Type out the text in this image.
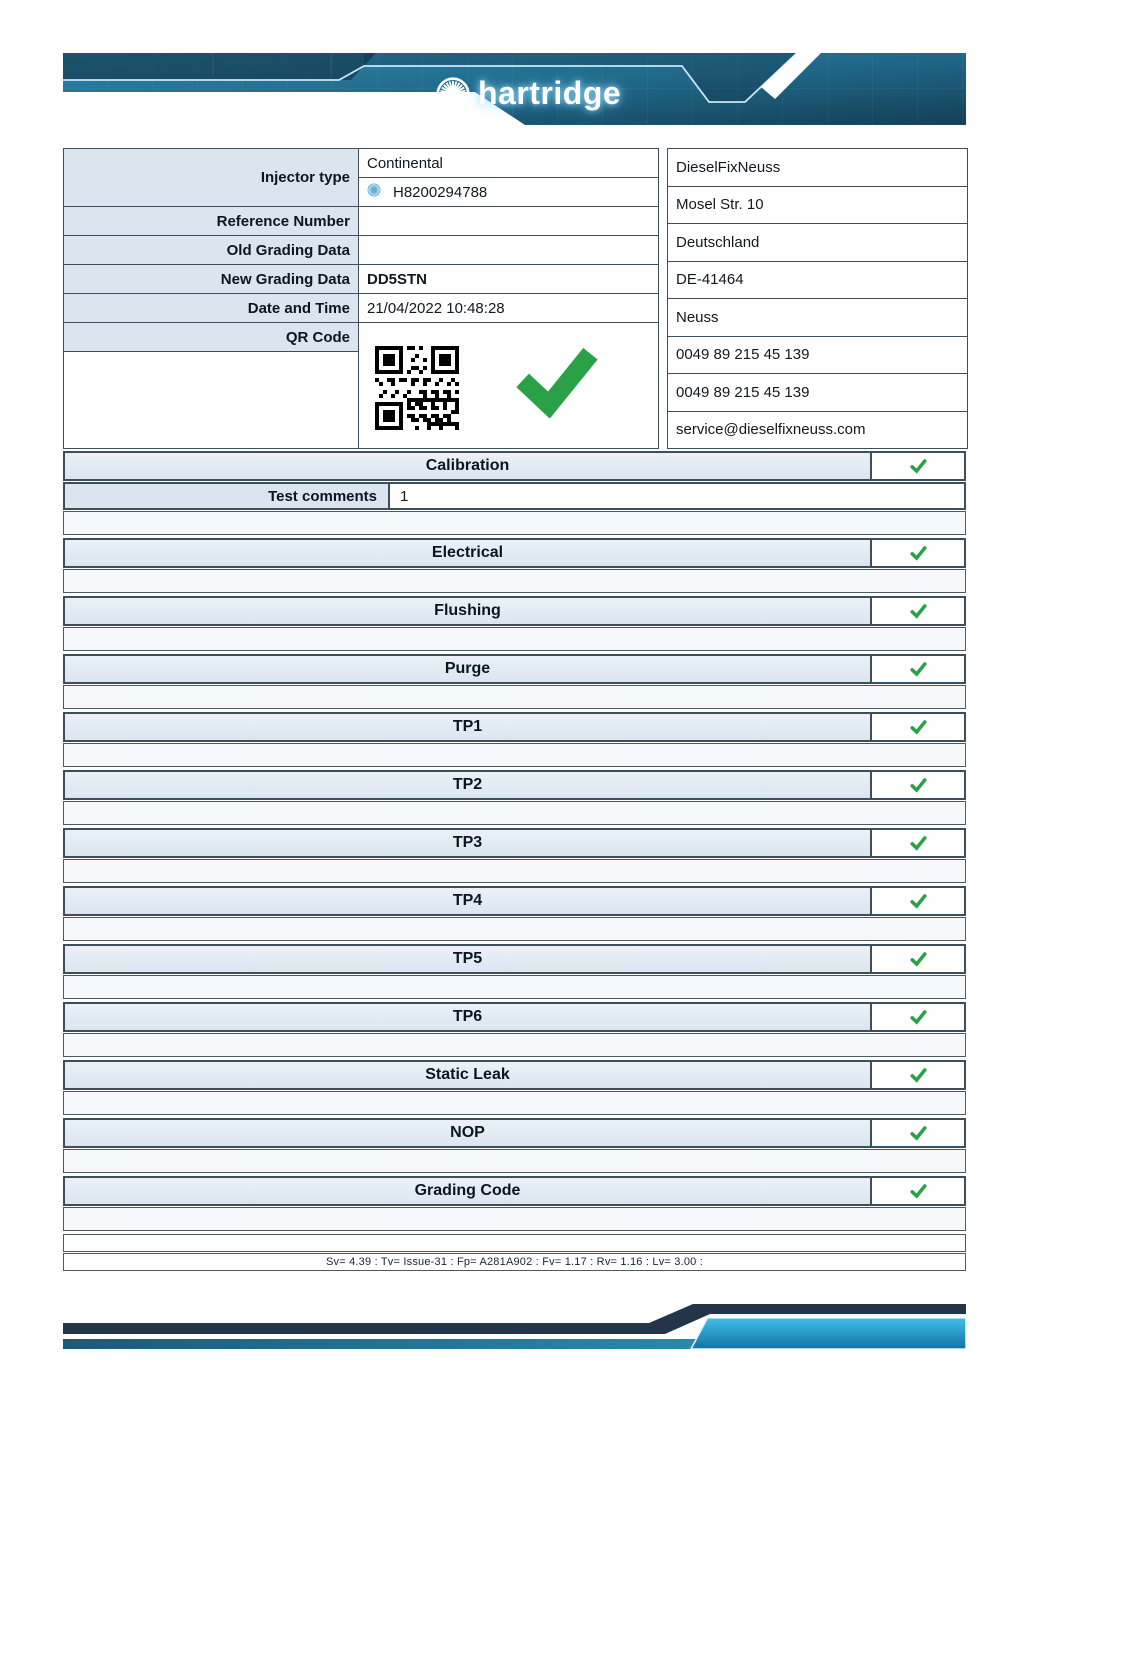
hartridge
Injector type	Continental

	H8200294788

Reference Number	
Old Grading Data	
New Grading Data	DD5STN
Date and Time	21/04/2022 10:48:28
QR Code	

DieselFixNeuss
Mosel Str. 10
Deutschland
DE-41464
Neuss
0049 89 215 45 139
0049 89 215 45 139
service@dieselfixneuss.com
Calibration
Test comments	1
Electrical
Flushing
Purge
TP1
TP2
TP3
TP4
TP5
TP6
Static Leak
NOP
Grading Code
Sv= 4.39 : Tv= Issue-31 : Fp= A281A902 : Fv= 1.17 : Rv= 1.16 : Lv= 3.00 :
